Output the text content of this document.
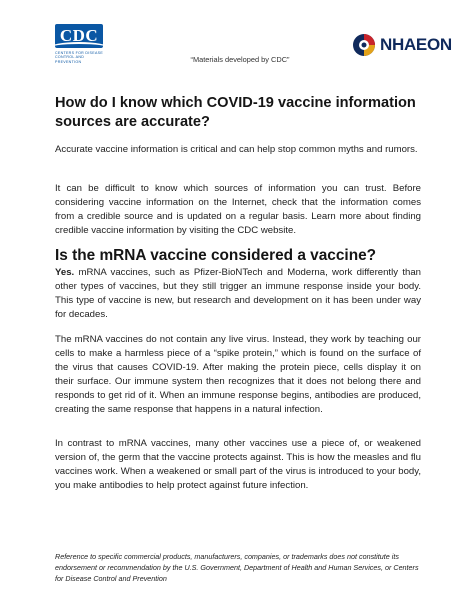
CDC
CENTERS FOR DISEASE CONTROL AND PREVENTION	“Materials developed by CDC”
NHAEON
How do I know which COVID-19 vaccine information sources are accurate?

Accurate vaccine information is critical and can help stop common myths and rumors.

It can be difficult to know which sources of information you can trust. Before considering vaccine information on the Internet, check that the information comes from a credible source and is updated on a regular basis. Learn more about finding credible vaccine information by visiting the CDC website.

Is the mRNA vaccine considered a vaccine?

Yes. mRNA vaccines, such as Pfizer-BioNTech and Moderna, work differently than other types of vaccines, but they still trigger an immune response inside your body. This type of vaccine is new, but research and development on it has been under way for decades.

The mRNA vaccines do not contain any live virus. Instead, they work by teaching our cells to make a harmless piece of a “spike protein,” which is found on the surface of the virus that causes COVID-19. After making the protein piece, cells display it on their surface. Our immune system then recognizes that it does not belong there and responds to get rid of it. When an immune response begins, antibodies are produced, creating the same response that happens in a natural infection.

In contrast to mRNA vaccines, many other vaccines use a piece of, or weakened version of, the germ that the vaccine protects against. This is how the measles and flu vaccines work. When a weakened or small part of the virus is introduced to your body, you make antibodies to help protect against future infection.

Reference to specific commercial products, manufacturers, companies, or trademarks does not constitute its endorsement or recommendation by the U.S. Government, Department of Health and Human Services, or Centers for Disease Control and Prevention
